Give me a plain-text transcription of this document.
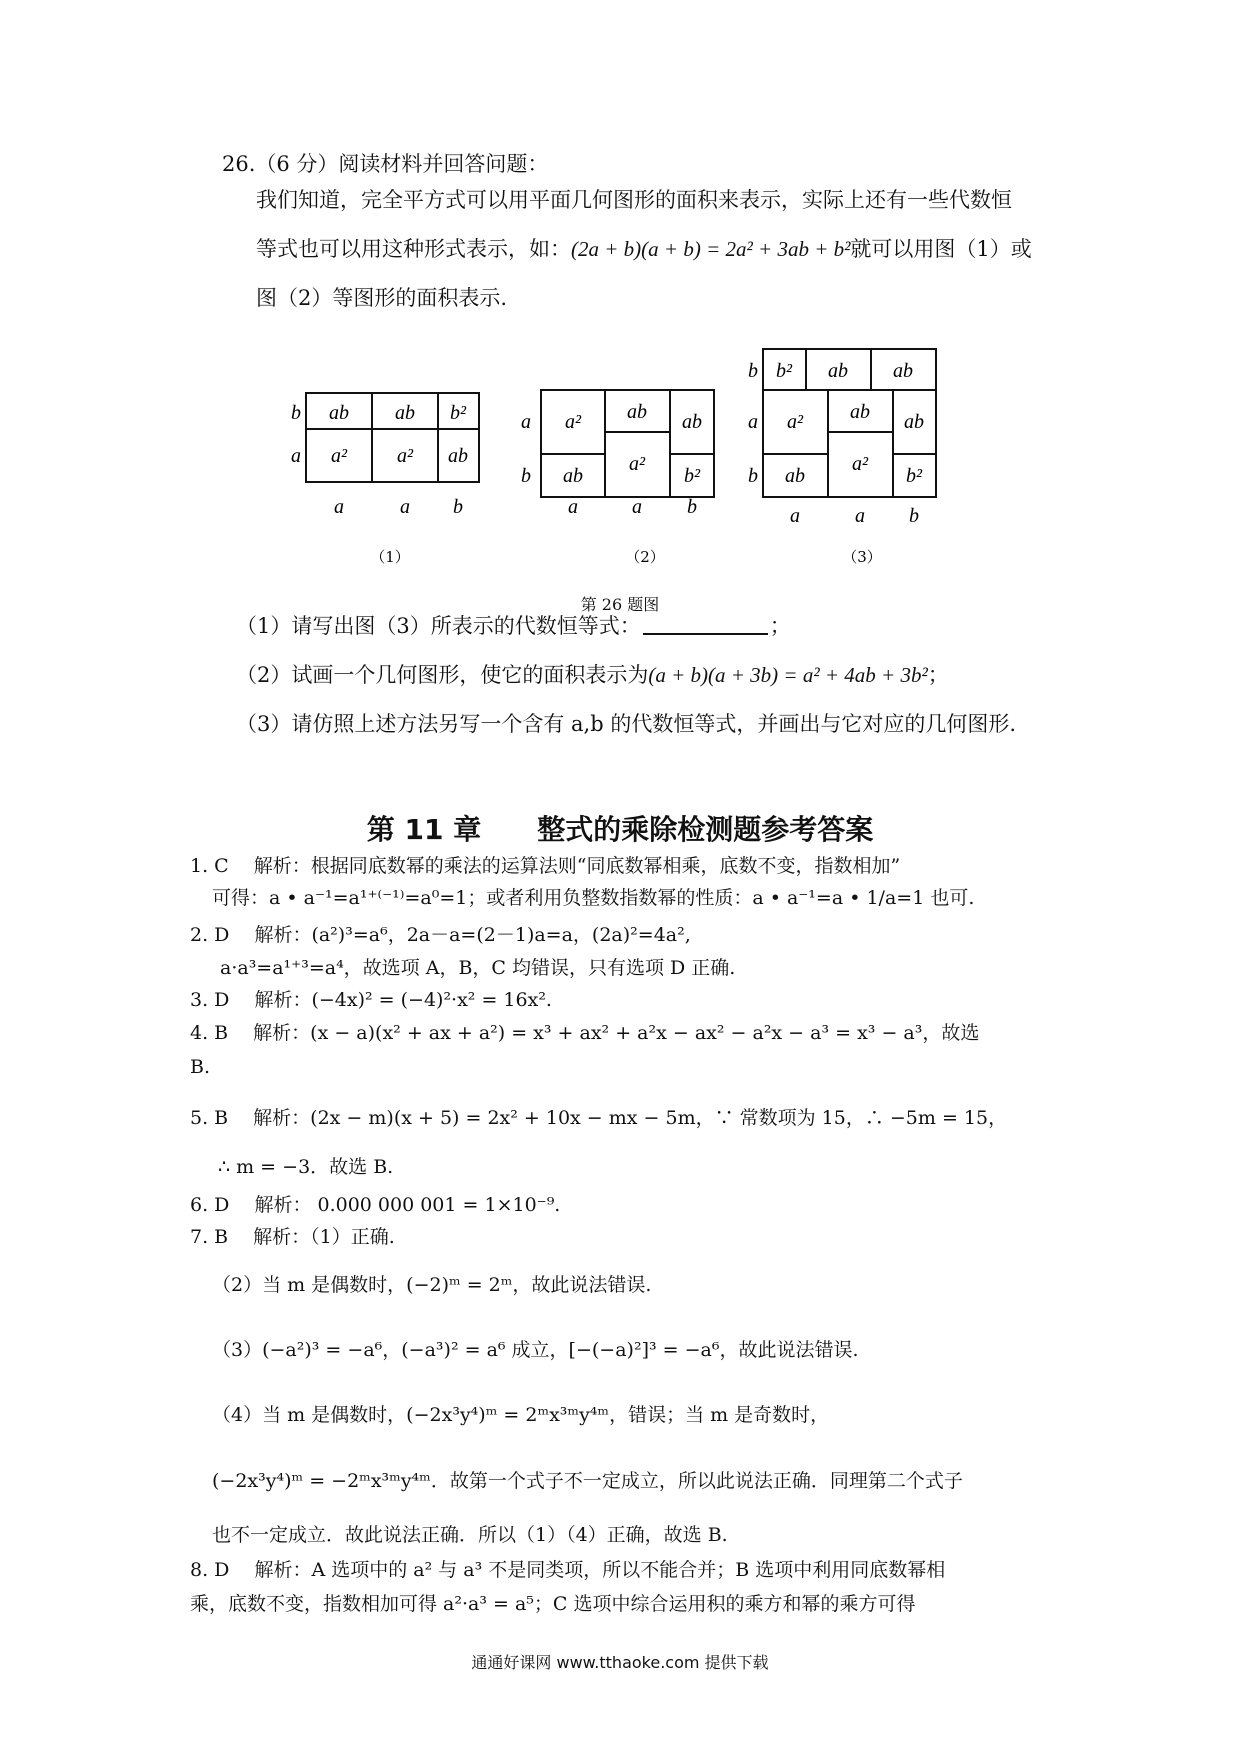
26.（6 分）阅读材料并回答问题：
我们知道，完全平方式可以用平面几何图形的面积来表示，实际上还有一些代数恒
等式也可以用这种形式表示，如：(2a + b)(a + b) = 2a² + 3ab + b²就可以用图（1）或
图（2）等图形的面积表示.
ab ab b²
a²	a² ab
b
a
a	a b
a² ab ab
ab
a²
b²
a
b
a	a b
b² ab ab
a² ab ab
ab
a²
b²
b
a
b
a	a b
（1）	（2）	（3）
第 26 题图
（1）请写出图（3）所表示的代数恒等式：	；
（2）试画一个几何图形，使它的面积表示为(a + b)(a + 3b) = a² + 4ab + 3b²；
（3）请仿照上述方法另写一个含有 a,b 的代数恒等式，并画出与它对应的几何图形.
第 11 章　　整式的乘除检测题参考答案
1. C　 解析：根据同底数幂的乘法的运算法则“同底数幂相乘，底数不变，指数相加”
可得：a • a⁻¹=a¹⁺⁽⁻¹⁾=a⁰=1；或者利用负整数指数幂的性质：a • a⁻¹=a • 1/a=1 也可.
2. D　 解析：(a²)³=a⁶，2a－a=(2－1)a=a，(2a)²=4a²,
a·a³=a¹⁺³=a⁴，故选项 A，B，C 均错误，只有选项 D 正确.
3. D　 解析：(−4x)² = (−4)²·x² = 16x².
4. B　 解析：(x − a)(x² + ax + a²) = x³ + ax² + a²x − ax² − a²x − a³ = x³ − a³，故选
B.
5. B　 解析：(2x − m)(x + 5) = 2x² + 10x − mx − 5m，∵ 常数项为 15，∴ −5m = 15，
∴ m = −3．故选 B.
6. D　 解析： 0.000 000 001 = 1×10⁻⁹.
7. B　 解析：（1）正确.
（2）当 m 是偶数时，(−2)ᵐ = 2ᵐ，故此说法错误.
（3）(−a²)³ = −a⁶，(−a³)² = a⁶ 成立，[−(−a)²]³ = −a⁶，故此说法错误.
（4）当 m 是偶数时，(−2x³y⁴)ᵐ = 2ᵐx³ᵐy⁴ᵐ，错误；当 m 是奇数时，
(−2x³y⁴)ᵐ = −2ᵐx³ᵐy⁴ᵐ．故第一个式子不一定成立，所以此说法正确．同理第二个式子
也不一定成立．故此说法正确．所以（1）（4）正确，故选 B.
8. D　 解析：A 选项中的 a² 与 a³ 不是同类项，所以不能合并；B 选项中利用同底数幂相
乘，底数不变，指数相加可得 a²·a³ = a⁵；C 选项中综合运用积的乘方和幂的乘方可得
通通好课网 www.tthaoke.com 提供下载
